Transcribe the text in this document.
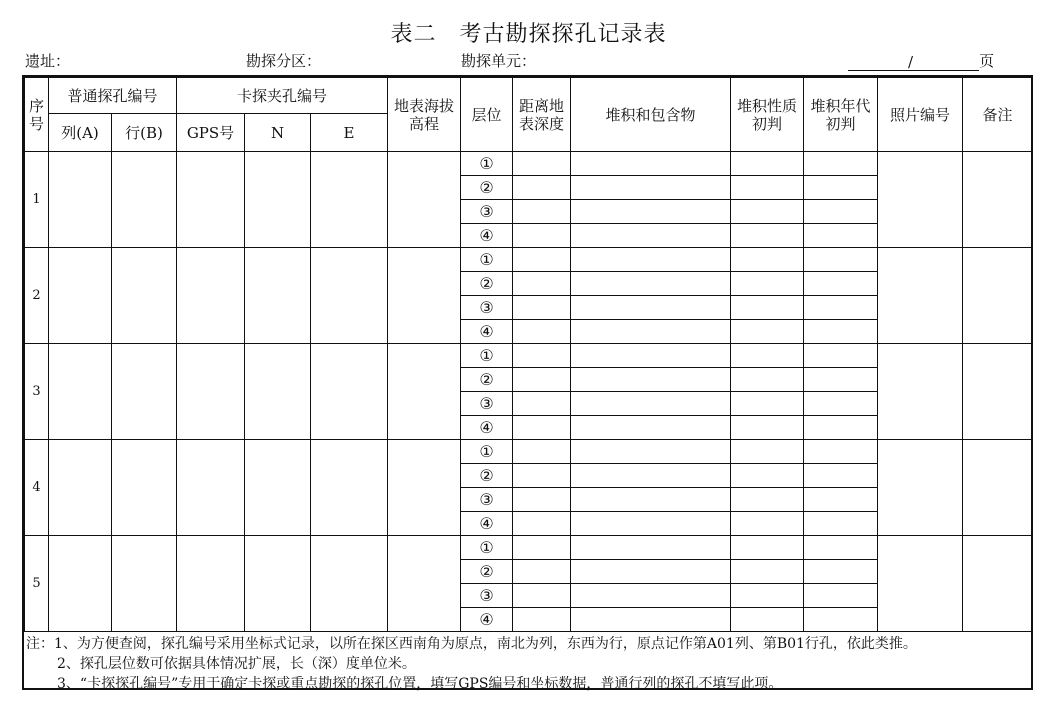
表二　考古勘探探孔记录表
遗址：	勘探分区：	勘探单元：	/	页
序号	普通探孔编号		卡探夹孔编号			地表海拔高程	层位	距离地表深度	堆积和包含物	堆积性质初判	堆积年代初判	照片编号	备注
	列(A)	行(B)	GPS号	N	E								
1							①						
							②						
							③						
							④						
2							①						
							②						
							③						
							④						
3							①						
							②						
							③						
							④						
4							①						
							②						
							③						
							④						
5							①						
							②						
							③						
							④						
注：1、为方便查阅，探孔编号采用坐标式记录，以所在探区西南角为原点，南北为列，东西为行，原点记作第A01列、第B01行孔，依此类推。
2、探孔层位数可依据具体情况扩展，长（深）度单位米。
3、“卡探探孔编号”专用于确定卡探或重点勘探的探孔位置，填写GPS编号和坐标数据，普通行列的探孔不填写此项。
